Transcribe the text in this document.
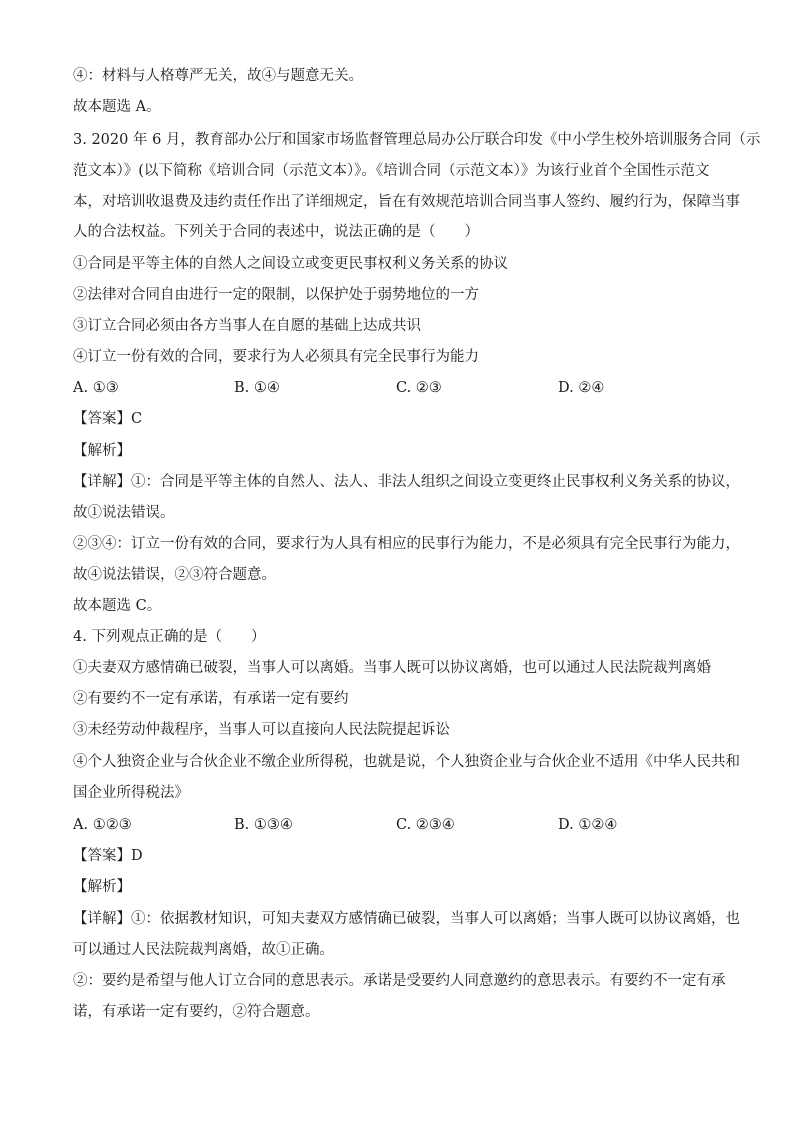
④：材料与人格尊严无关，故④与题意无关。
故本题选 A。
3. 2020 年 6 月，教育部办公厅和国家市场监督管理总局办公厅联合印发《中小学生校外培训服务合同（示
范文本）》(以下简称《培训合同（示范文本）》。《培训合同（示范文本）》为该行业首个全国性示范文
本，对培训收退费及违约责任作出了详细规定，旨在有效规范培训合同当事人签约、履约行为，保障当事
人的合法权益。下列关于合同的表述中，说法正确的是（　　）
①合同是平等主体的自然人之间设立或变更民事权利义务关系的协议
②法律对合同自由进行一定的限制，以保护处于弱势地位的一方
③订立合同必须由各方当事人在自愿的基础上达成共识
④订立一份有效的合同，要求行为人必须具有完全民事行为能力
A. ①③	B. ①④	C. ②③	D. ②④
【答案】C
【解析】
【详解】①：合同是平等主体的自然人、法人、非法人组织之间设立变更终止民事权利义务关系的协议，
故①说法错误。
②③④：订立一份有效的合同，要求行为人具有相应的民事行为能力，不是必须具有完全民事行为能力，
故④说法错误，②③符合题意。
故本题选 C。
4. 下列观点正确的是（　　）
①夫妻双方感情确已破裂，当事人可以离婚。当事人既可以协议离婚，也可以通过人民法院裁判离婚
②有要约不一定有承诺，有承诺一定有要约
③未经劳动仲裁程序，当事人可以直接向人民法院提起诉讼
④个人独资企业与合伙企业不缴企业所得税，也就是说，个人独资企业与合伙企业不适用《中华人民共和
国企业所得税法》
A. ①②③	B. ①③④	C. ②③④	D. ①②④
【答案】D
【解析】
【详解】①：依据教材知识，可知夫妻双方感情确已破裂，当事人可以离婚；当事人既可以协议离婚，也
可以通过人民法院裁判离婚，故①正确。
②：要约是希望与他人订立合同的意思表示。承诺是受要约人同意邀约的意思表示。有要约不一定有承
诺，有承诺一定有要约，②符合题意。
